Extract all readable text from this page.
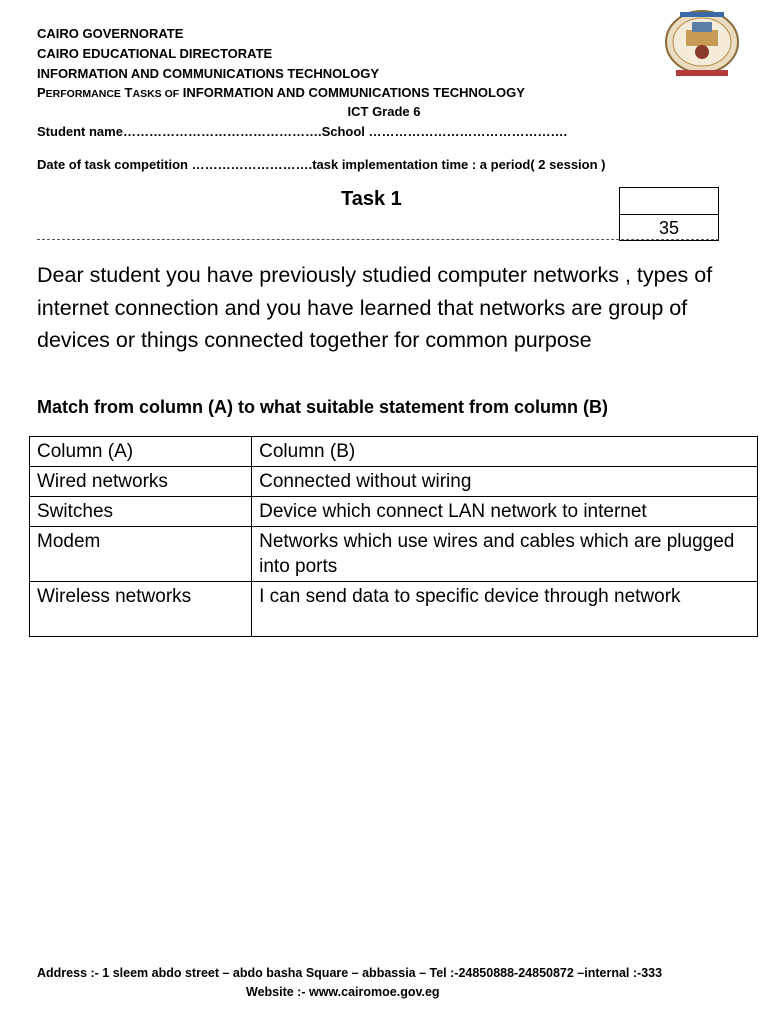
CAIRO GOVERNORATE
CAIRO EDUCATIONAL DIRECTORATE
INFORMATION AND COMMUNICATIONS TECHNOLOGY
PERFORMANCE TASKS OF INFORMATION AND COMMUNICATIONS TECHNOLOGY
ICT Grade 6
Student name……………………………………….School ……………………………………….
Date of task competition ……………………….task implementation time : a period( 2 session )
Task 1
35
Dear student you have previously studied computer networks , types of internet connection and you have learned that networks are group of devices or things connected together for common purpose
Match from column (A) to what suitable statement from column (B)
Column (A)	Column (B)
Wired networks	Connected without wiring
Switches	Device which connect LAN network to internet
Modem	Networks which use wires and cables which are plugged into ports
Wireless networks	I can send data to specific device through network
Address :- 1 sleem abdo street – abdo basha Square – abbassia – Tel :-24850888-24850872 –internal :-333
Website :- www.cairomoe.gov.eg
